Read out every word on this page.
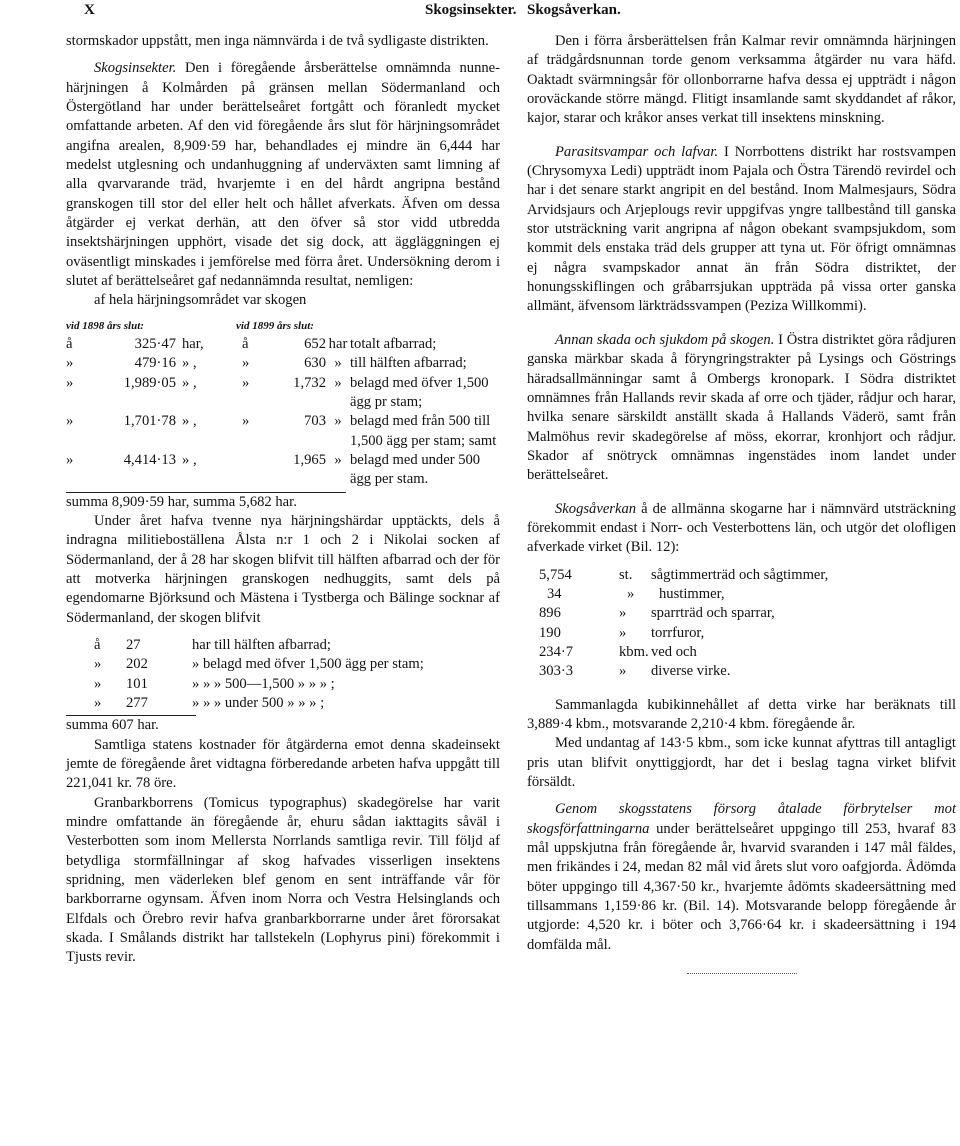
X	Skogsinsekter. Skogsåverkan.

stormskador uppstått, men inga nämnvärda i de två sydligaste distrikten.

Skogsinsekter. Den i föregående årsberättelse omnämnda nunne-härjningen å Kolmården på gränsen mellan Södermanland och Östergötland har under berättelseåret fortgått och föranledt mycket omfattande arbeten. Af den vid föregående års slut för härjningsområdet angifna arealen, 8,909·59 har, behandlades ej mindre än 6,444 har medelst utglesning och undanhuggning af underväxten samt limning af alla qvarvarande träd, hvarjemte i en del hårdt angripna bestånd granskogen till stor del eller helt och hållet afverkats. Äfven om dessa åtgärder ej verkat derhän, att den öfver så stor vidd utbredda insektshärjningen upphört, visade det sig dock, att äggläggningen ej oväsentligt minskades i jemförelse med förra året. Undersökning derom i slutet af berättelseåret gaf nedannämnda resultat, nemligen:

af hela härjningsområdet var skogen

vid 1898 års slut:	vid 1899 års slut:
å	325·47 har,	å	652 har totalt afbarrad;
»	479·16 » ,	»	630 » till hälften afbarrad;
»	1,989·05 » ,	»	1,732 » belagd med öfver 1,500 ägg pr stam;
»	1,701·78 » ,	»	703 » belagd med från 500 till 1,500 ägg per stam; samt
»	4,414·13 » ,	1,965 » belagd med under 500 ägg per stam.

summa 8,909·59 har, summa 5,682 har.

Under året hafva tvenne nya härjningshärdar upptäckts, dels å indragna militieboställena Ålsta n:r 1 och 2 i Nikolai socken af Södermanland, der å 28 har skogen blifvit till hälften afbarrad och der för att motverka härjningen granskogen nedhuggits, samt dels på egendomarne Björksund och Mästena i Tystberga och Bälinge socknar af Södermanland, der skogen blifvit

å	27	har till hälften afbarrad;
»	202	» belagd med öfver 1,500 ägg per stam;
»	101	» » » 500—1,500 » » » ;
»	277	» » » under 500 » » » ;

summa 607 har.

Samtliga statens kostnader för åtgärderna emot denna skadeinsekt jemte de föregående året vidtagna förberedande arbeten hafva uppgått till 221,041 kr. 78 öre.

Granbarkborrens (Tomicus typographus) skadegörelse har varit mindre omfattande än föregående år, ehuru sådan iakttagits såväl i Vesterbotten som inom Mellersta Norrlands samtliga revir. Till följd af betydliga stormfällningar af skog hafvades visserligen insektens spridning, men väderleken blef genom en sent inträffande vår för barkborrarne ogynsam. Äfven inom Norra och Vestra Helsinglands och Elfdals och Örebro revir hafva granbarkborrarne under året förorsakat skada. I Smålands distrikt har tallstekeln (Lophyrus pini) förekommit i Tjusts revir.

Den i förra årsberättelsen från Kalmar revir omnämnda härjningen af trädgårdsnunnan torde genom verksamma åtgärder nu vara häfd. Oaktadt svärmningsår för ollonborrarne hafva dessa ej uppträdt i någon oroväckande större mängd. Flitigt insamlande samt skyddandet af råkor, kajor, starar och kråkor anses verkat till insektens minskning.

Parasitsvampar och lafvar. I Norrbottens distrikt har rostsvampen (Chrysomyxa Ledi) uppträdt inom Pajala och Östra Tärendö revirdel och har i det senare starkt angripit en del bestånd. Inom Malmesjaurs, Södra Arvidsjaurs och Arjeplougs revir uppgifvas yngre tallbestånd till ganska stor utsträckning varit angripna af någon obekant svampsjukdom, som kommit dels enstaka träd dels grupper att tyna ut. För öfrigt omnämnas ej några svampskador annat än från Södra distriktet, der honungsskiflingen och gråbarrsjukan uppträda på vissa orter ganska allmänt, äfvensom lärkträdssvampen (Peziza Willkommi).

Annan skada och sjukdom på skogen. I Östra distriktet göra rådjuren ganska märkbar skada å föryngringstrakter på Lysings och Göstrings häradsallmänningar samt å Ombergs kronopark. I Södra distriktet omnämnes från Hallands revir skada af orre och tjäder, rådjur och harar, hvilka senare särskildt anställt skada å Hallands Väderö, samt från Malmöhus revir skadegörelse af möss, ekorrar, kronhjort och rådjur. Skador af snötryck omnämnas ingenstädes inom landet under berättelseåret.

Skogsåverkan å de allmänna skogarne har i nämnvärd utsträckning förekommit endast i Norr- och Vesterbottens län, och utgör det olofligen afverkade virket (Bil. 12):

5,754	st.	sågtimmerträd och sågtimmer,
34	»	hustimmer,
896	»	sparrträd och sparrar,
190	»	torrfuror,
234·7	kbm. ved och
303·3	»	diverse virke.

Sammanlagda kubikinnehållet af detta virke har beräknats till 3,889·4 kbm., motsvarande 2,210·4 kbm. föregående år.

Med undantag af 143·5 kbm., som icke kunnat afyttras till antagligt pris utan blifvit onyttiggjordt, har det i beslag tagna virket blifvit försäldt.

Genom skogsstatens försorg åtalade förbrytelser mot skogsförfattningarna under berättelseåret uppgingo till 253, hvaraf 83 mål uppskjutna från föregående år, hvarvid svaranden i 147 mål fäldes, men frikändes i 24, medan 82 mål vid årets slut voro oafgjorda. Ådömda böter uppgingo till 4,367·50 kr., hvarjemte ådömts skadeersättning med tillsammans 1,159·86 kr. (Bil. 14). Motsvarande belopp föregående år utgjorde: 4,520 kr. i böter och 3,766·64 kr. i skadeersättning i 194 domfälda mål.
